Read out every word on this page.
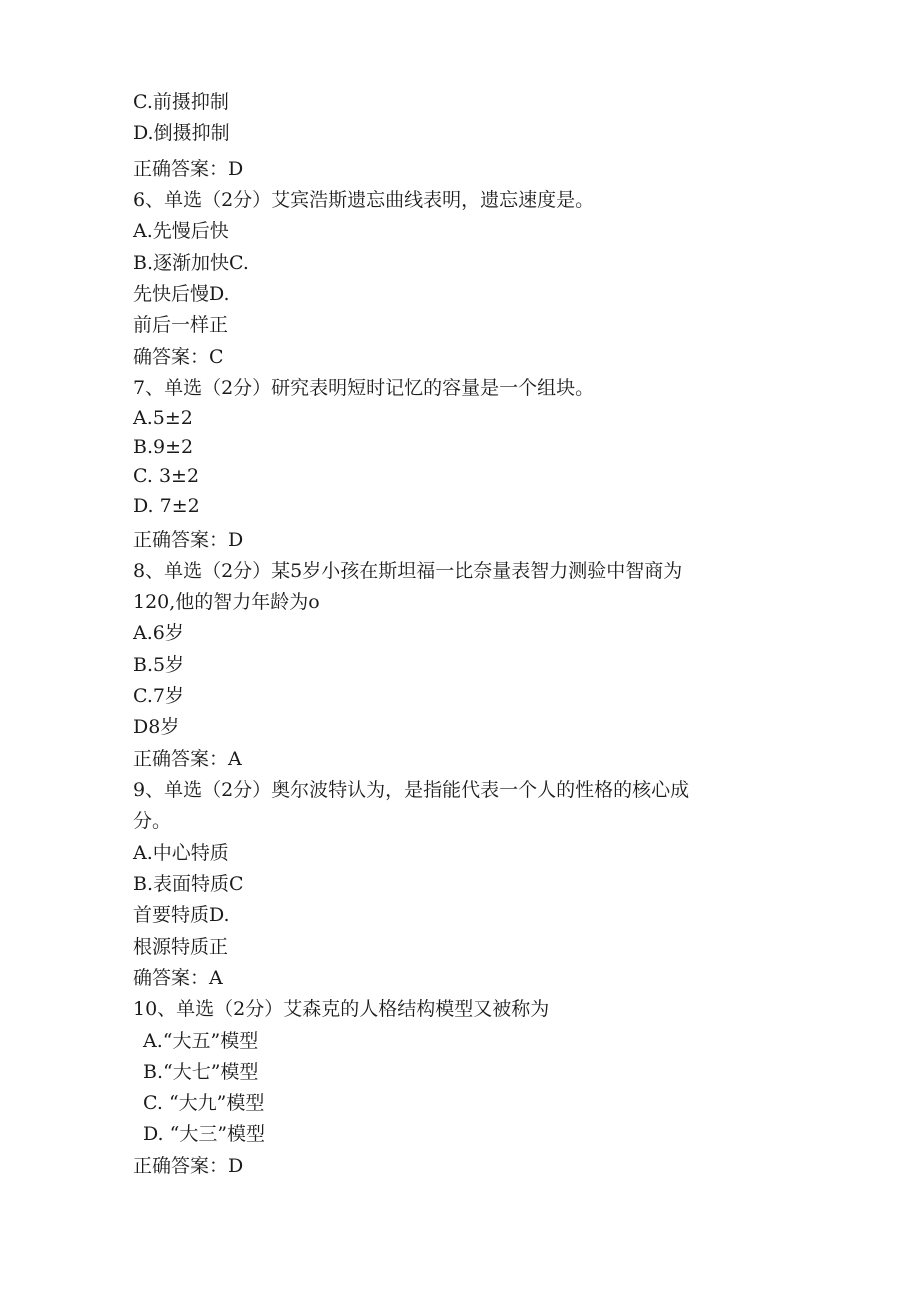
C.前摄抑制
D.倒摄抑制
正确答案：D
6、单选（2分）艾宾浩斯遗忘曲线表明，遗忘速度是。
A.先慢后快
B.逐渐加快C.
先快后慢D.
前后一样正
确答案：C
7、单选（2分）研究表明短时记忆的容量是一个组块。
A.5±2
B.9±2
C. 3±2
D. 7±2
正确答案：D
8、单选（2分）某5岁小孩在斯坦福一比奈量表智力测验中智商为
120,他的智力年龄为o
A.6岁
B.5岁
C.7岁
D8岁
正确答案：A
9、单选（2分）奥尔波特认为，是指能代表一个人的性格的核心成
分。
A.中心特质
B.表面特质C
首要特质D.
根源特质正
确答案：A
10、单选（2分）艾森克的人格结构模型又被称为
A.“大五”模型
B.“大七”模型
C. “大九”模型
D. “大三”模型
正确答案：D
